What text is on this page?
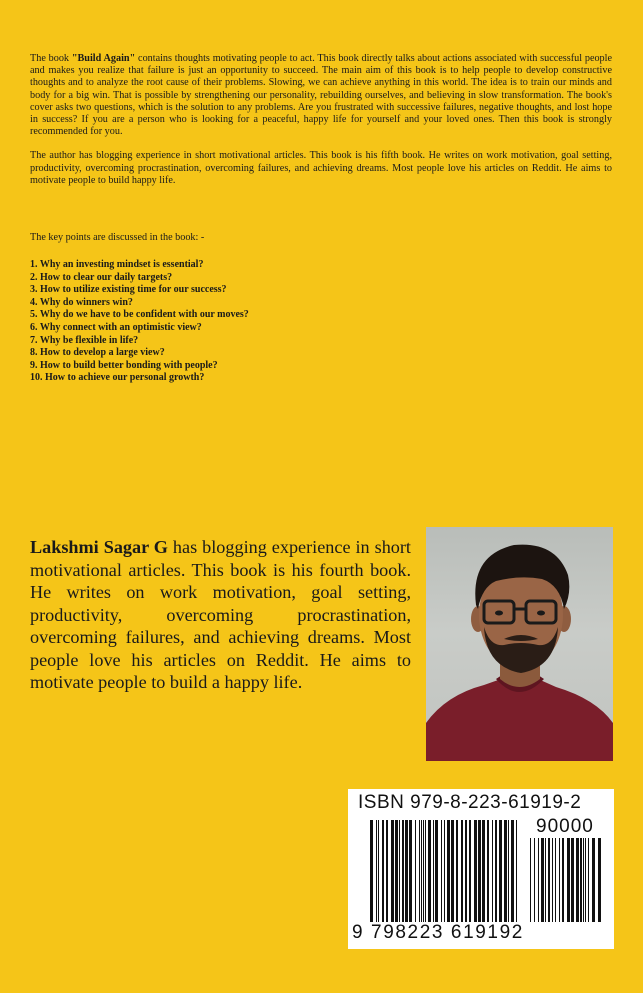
The book "Build Again" contains thoughts motivating people to act. This book directly talks about actions associated with successful people and makes you realize that failure is just an opportunity to succeed. The main aim of this book is to help people to develop constructive thoughts and to analyze the root cause of their problems. Slowing, we can achieve anything in this world. The idea is to train our minds and body for a big win. That is possible by strengthening our personality, rebuilding ourselves, and believing in slow transformation. The book's cover asks two questions, which is the solution to any problems. Are you frustrated with successive failures, negative thoughts, and lost hope in success? If you are a person who is looking for a peaceful, happy life for yourself and your loved ones. Then this book is strongly recommended for you.

The author has blogging experience in short motivational articles. This book is his fifth book. He writes on work motivation, goal setting, productivity, overcoming procrastination, overcoming failures, and achieving dreams. Most people love his articles on Reddit. He aims to motivate people to build happy life.

The key points are discussed in the book: -

1. Why an investing mindset is essential?
2. How to clear our daily targets?
3. How to utilize existing time for our success?
4. Why do winners win?
5. Why do we have to be confident with our moves?
6. Why connect with an optimistic view?
7. Why be flexible in life?
8. How to develop a large view?
9. How to build better bonding with people?
10. How to achieve our personal growth?

Lakshmi Sagar G has blogging experience in short motivational articles. This book is his fourth book. He writes on work motivation, goal setting, productivity, overcoming procrastination, overcoming failures, and achieving dreams. Most people love his articles on Reddit. He aims to motivate people to build a happy life.

ISBN 979-8-223-61919-2
90000
9 798223 619192
